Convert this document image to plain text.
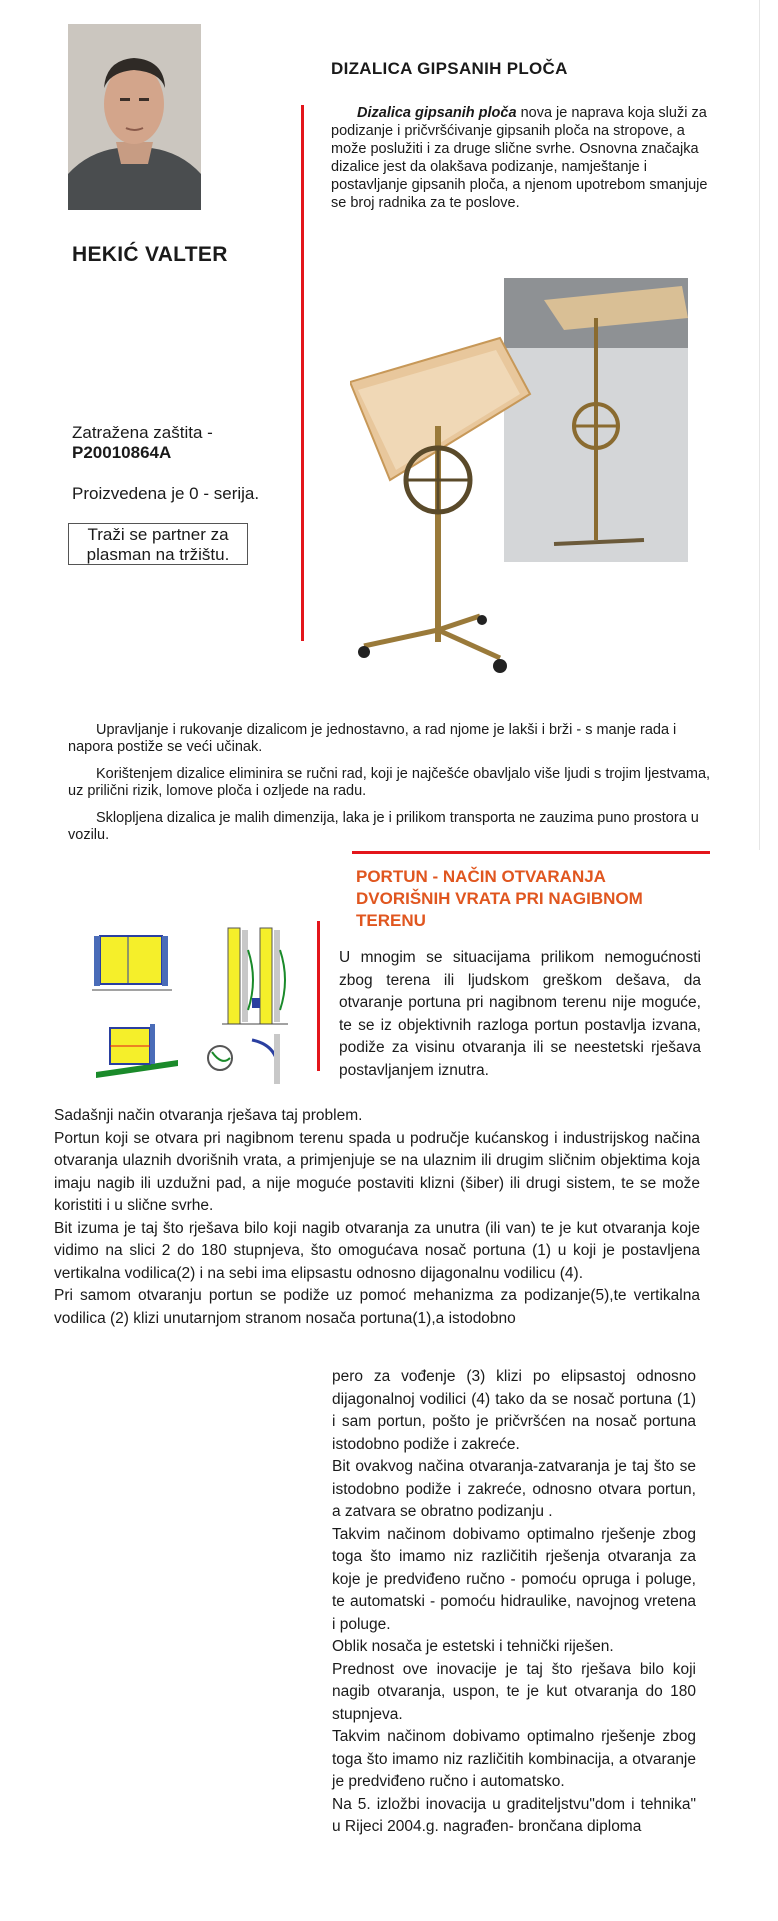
HEKIĆ VALTER
Zatražena zaštita -
P20010864A
Proizvedena je 0 - serija.
Traži se partner za
plasman na tržištu.
DIZALICA GIPSANIH PLOČA
Dizalica gipsanih ploča nova je naprava koja služi za podizanje i pričvršćivanje gipsanih ploča na stropove, a može poslužiti i za druge slične svrhe. Osnovna značajka dizalice jest da olakšava podizanje, namještanje i postavljanje gipsanih ploča, a njenom upotrebom smanjuje se broj radnika za te poslove.

Upravljanje i rukovanje dizalicom je jednostavno, a rad njome je lakši i brži - s manje rada i napora postiže se veći učinak.

Korištenjem dizalice eliminira se ručni rad, koji je najčešće obavljalo više ljudi s trojim ljestvama, uz prilični rizik, lomove ploča i ozljede na radu.

Sklopljena dizalica je malih dimenzija, laka je i prilikom transporta ne zauzima puno prostora u vozilu.

PORTUN - NAČIN OTVARANJA
DVORIŠNIH VRATA PRI NAGIBNOM
TERENU

U mnogim se situacijama prilikom nemogućnosti zbog terena ili ljudskom greškom dešava, da otvaranje portuna pri nagibnom terenu nije moguće, te se iz objektivnih razloga portun postavlja izvana, podiže za visinu otvaranja ili se neestetski rješava postavljanjem iznutra.

Sadašnji način otvaranja rješava taj problem.

Portun koji se otvara pri nagibnom terenu spada u područje kućanskog i industrijskog načina otvaranja ulaznih dvorišnih vrata, a primjenjuje se na ulaznim ili drugim sličnim objektima koja imaju nagib ili uzdužni pad, a nije moguće postaviti klizni (šiber) ili drugi sistem, te se može koristiti i u slične svrhe.

Bit izuma je taj što rješava bilo koji nagib otvaranja za unutra (ili van) te je kut otvaranja koje vidimo na slici 2 do 180 stupnjeva, što omogućava nosač portuna (1) u koji je postavljena vertikalna vodilica(2) i na sebi ima elipsastu odnosno dijagonalnu vodilicu (4).

Pri samom otvaranju portun se podiže uz pomoć mehanizma za podizanje(5),te vertikalna vodilica (2) klizi unutarnjom stranom nosača portuna(1),a istodobno

pero za vođenje (3) klizi po elipsastoj odnosno dijagonalnoj vodilici (4) tako da se nosač portuna (1) i sam portun, pošto je pričvršćen na nosač portuna istodobno podiže i zakreće.

Bit ovakvog načina otvaranja-zatvaranja je taj što se istodobno podiže i zakreće, odnosno otvara portun, a zatvara se obratno podizanju .

Takvim načinom dobivamo optimalno rješenje zbog toga što imamo niz različitih rješenja otvaranja za koje je predviđeno ručno - pomoću opruga i poluge, te automatski - pomoću hidraulike, navojnog vretena i poluge.

Oblik nosača je estetski i tehnički riješen.

Prednost ove inovacije je taj što rješava bilo koji nagib otvaranja, uspon, te je kut otvaranja do 180 stupnjeva.

Takvim načinom dobivamo optimalno rješenje zbog toga što imamo niz različitih kombinacija, a otvaranje je predviđeno ručno i automatsko.

Na 5. izložbi inovacija u graditeljstvu"dom i tehnika" u Rijeci 2004.g. nagrađen- brončana diploma
